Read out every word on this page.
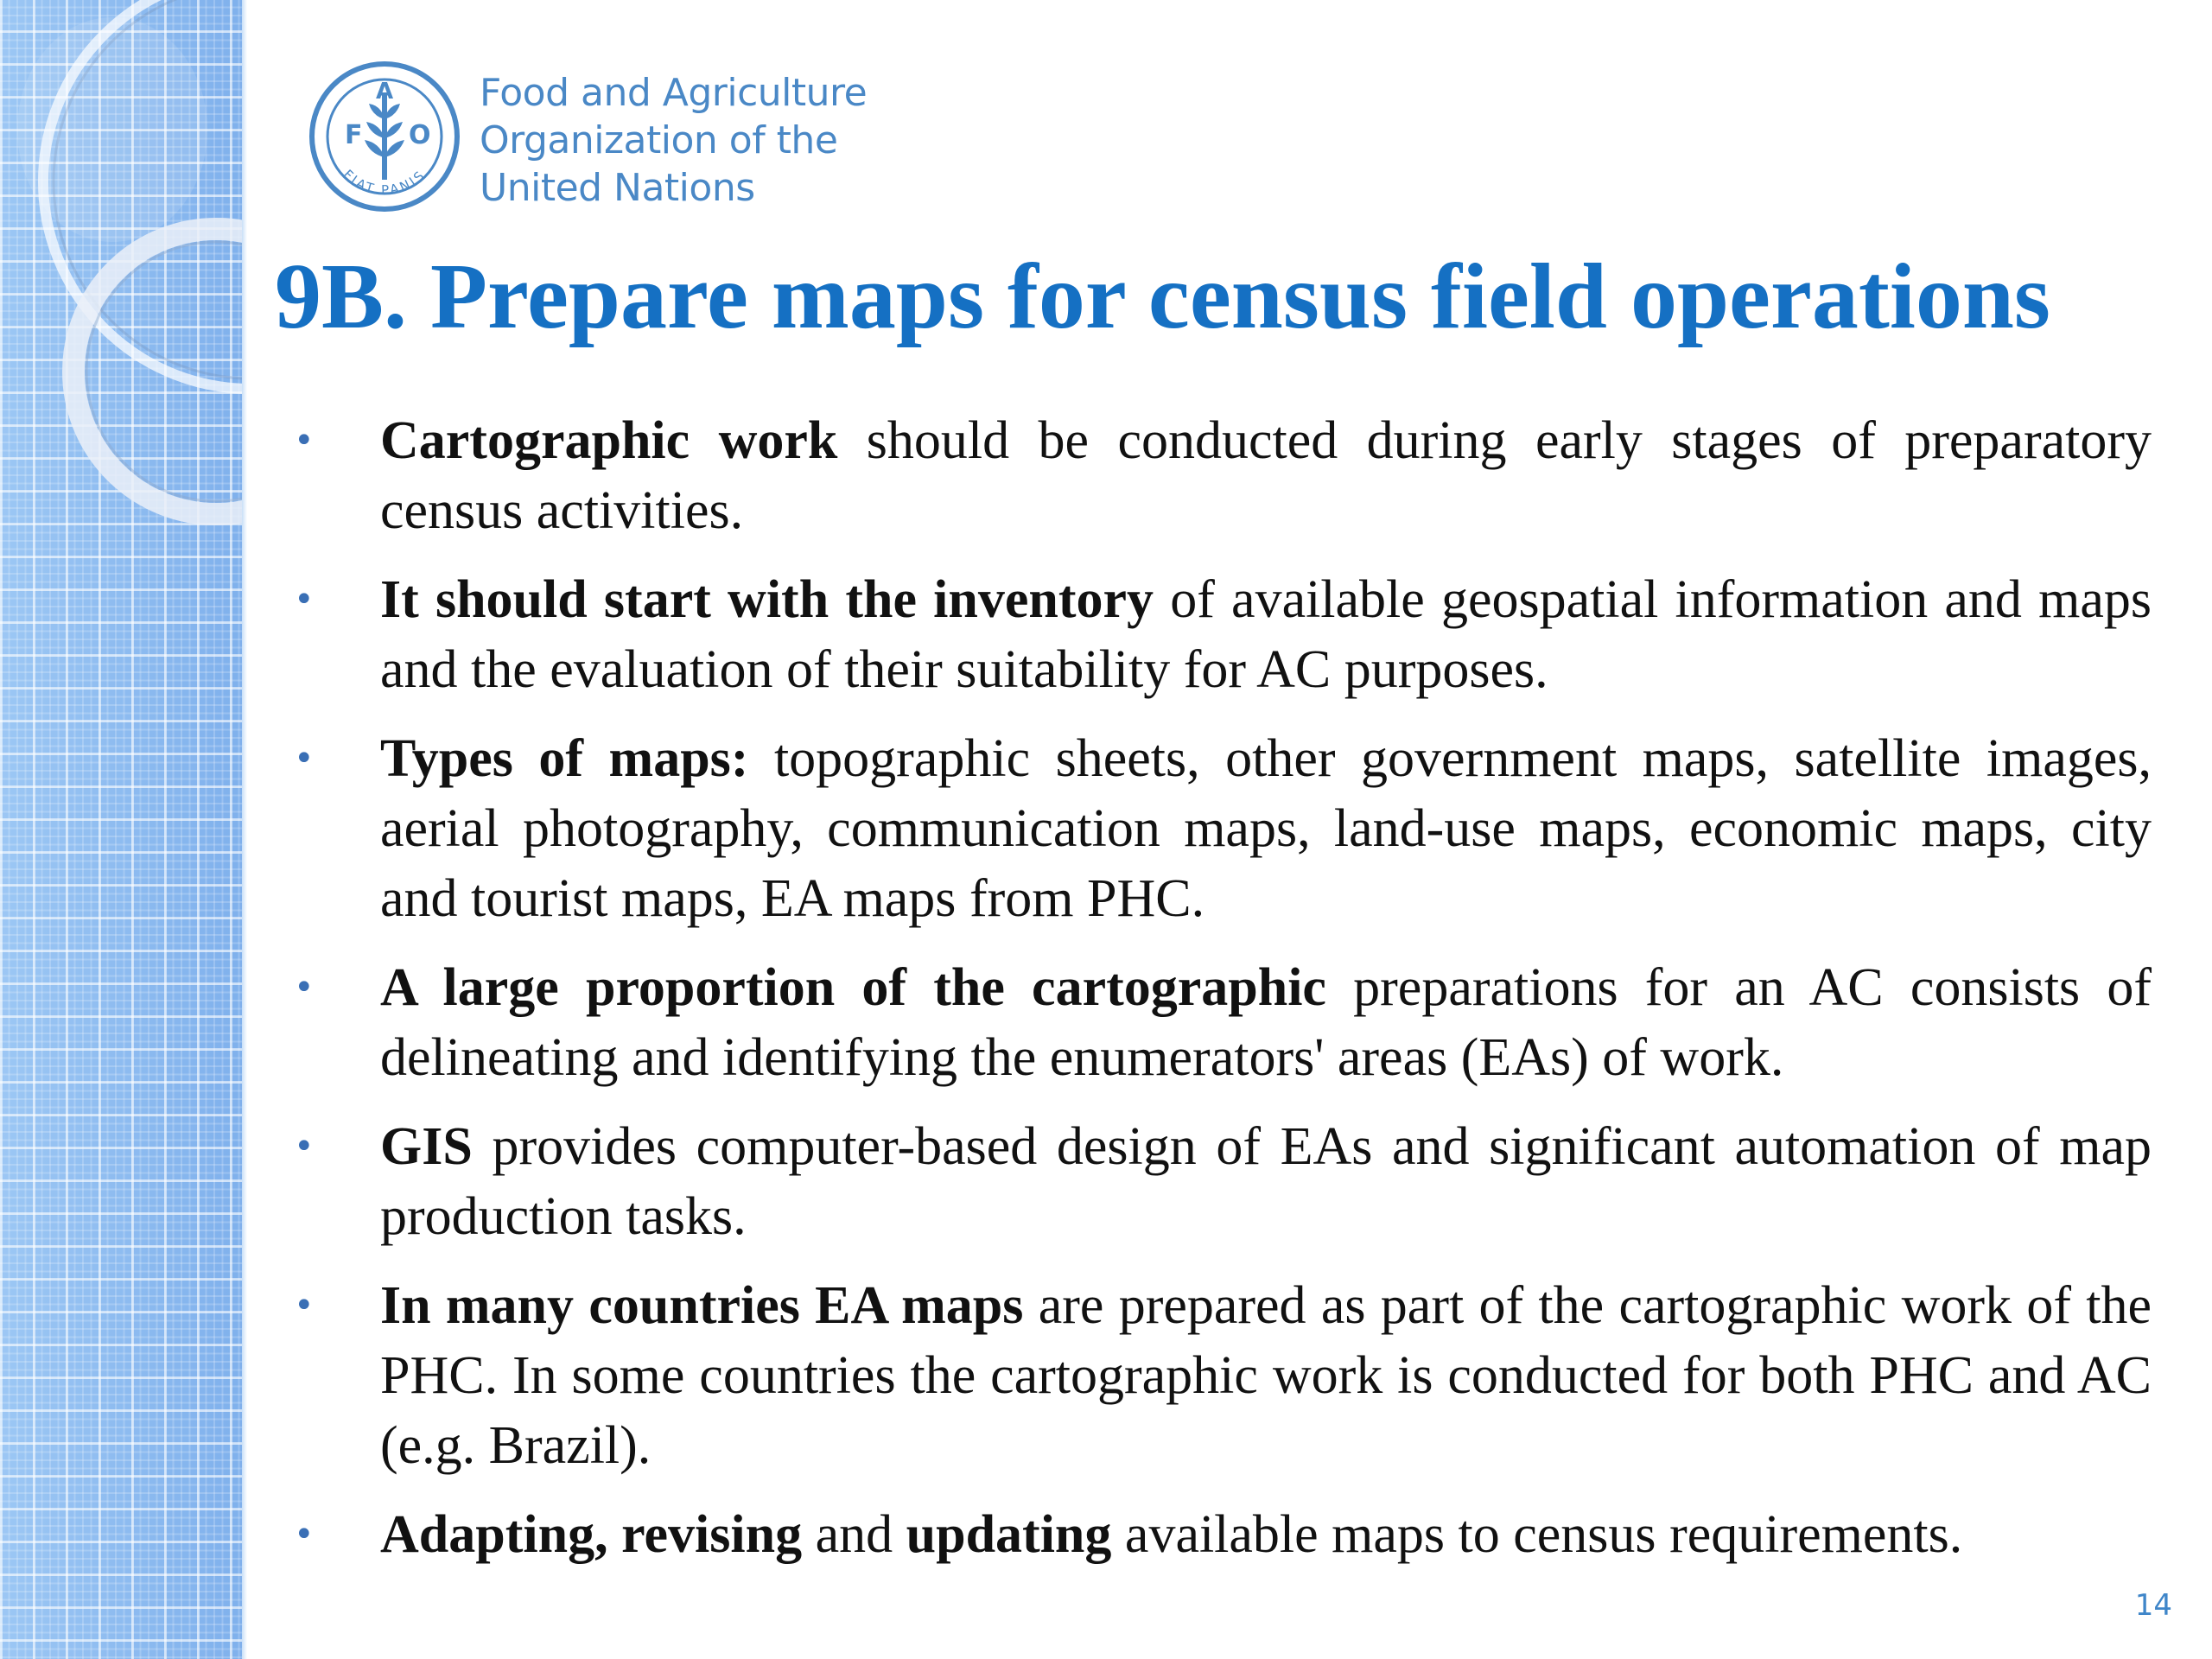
F
A
O
FIAT PANIS
Food and Agriculture
Organization of the
United Nations
9B. Prepare maps for census field operations
• Cartographic work should be conducted during early stages of preparatory census activities.
• It should start with the inventory of available geospatial information and maps and the evaluation of their suitability for AC purposes.
• Types of maps: topographic sheets, other government maps, satellite images, aerial photography, communication maps, land-use maps, economic maps, city and tourist maps, EA maps from PHC.
• A large proportion of the cartographic preparations for an AC consists of delineating and identifying the enumerators' areas (EAs) of work.
• GIS provides computer-based design of EAs and significant automation of map production tasks.
• In many countries EA maps are prepared as part of the cartographic work of the PHC. In some countries the cartographic work is conducted for both PHC and AC (e.g. Brazil).
• Adapting, revising and updating available maps to census requirements.
14
